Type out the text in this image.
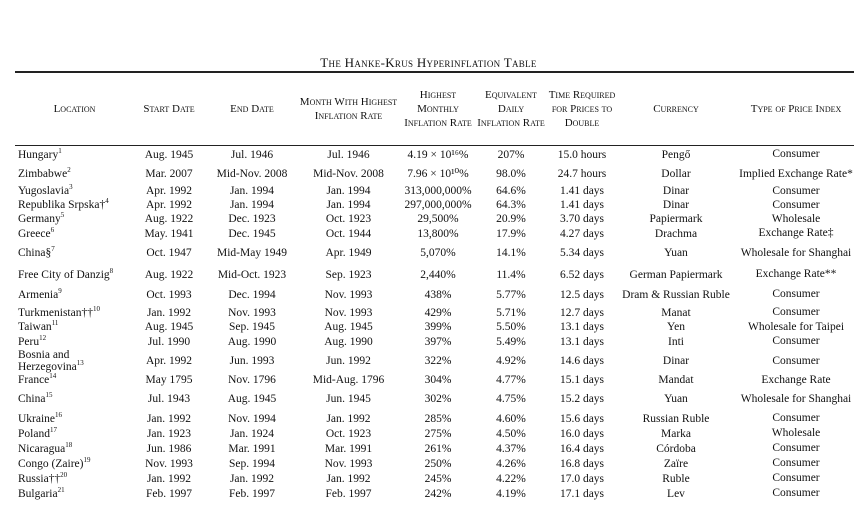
The Hanke-Krus Hyperinflation Table
Location	Start Date	End Date	Month With Highest Inflation Rate	Highest Monthly Inflation Rate	Equivalent Daily Inflation Rate	Time Required for Prices to Double	Currency	Type of Price Index
Hungary$^1$	Aug. 1945	Jul. 1946	Jul. 1946	4.19 × 10¹⁶%	207%	15.0 hours	Pengő	Consumer
Zimbabwe$^2$	Mar. 2007	Mid-Nov. 2008	Mid-Nov. 2008	7.96 × 10¹⁰%	98.0%	24.7 hours	Dollar	Implied Exchange Rate*
Yugoslavia$^3$	Apr. 1992	Jan. 1994	Jan. 1994	313,000,000%	64.6%	1.41 days	Dinar	Consumer
Republika Srpska†$^4$	Apr. 1992	Jan. 1994	Jan. 1994	297,000,000%	64.3%	1.41 days	Dinar	Consumer
Germany$^5$	Aug. 1922	Dec. 1923	Oct. 1923	29,500%	20.9%	3.70 days	Papiermark	Wholesale
Greece$^6$	May. 1941	Dec. 1945	Oct. 1944	13,800%	17.9%	4.27 days	Drachma	Exchange Rate‡
China§$^7$	Oct. 1947	Mid-May 1949	Apr. 1949	5,070%	14.1%	5.34 days	Yuan	Wholesale for Shanghai
Free City of Danzig$^8$	Aug. 1922	Mid-Oct. 1923	Sep. 1923	2,440%	11.4%	6.52 days	German Papiermark	Exchange Rate**
Armenia$^9$	Oct. 1993	Dec. 1994	Nov. 1993	438%	5.77%	12.5 days	Dram & Russian Ruble	Consumer
Turkmenistan††$^{10}$	Jan. 1992	Nov. 1993	Nov. 1993	429%	5.71%	12.7 days	Manat	Consumer
Taiwan$^{11}$	Aug. 1945	Sep. 1945	Aug. 1945	399%	5.50%	13.1 days	Yen	Wholesale for Taipei
Peru$^{12}$	Jul. 1990	Aug. 1990	Aug. 1990	397%	5.49%	13.1 days	Inti	Consumer
Bosnia and Herzegovina$^{13}$	Apr. 1992	Jun. 1993	Jun. 1992	322%	4.92%	14.6 days	Dinar	Consumer
France$^{14}$	May 1795	Nov. 1796	Mid-Aug. 1796	304%	4.77%	15.1 days	Mandat	Exchange Rate
China$^{15}$	Jul. 1943	Aug. 1945	Jun. 1945	302%	4.75%	15.2 days	Yuan	Wholesale for Shanghai
Ukraine$^{16}$	Jan. 1992	Nov. 1994	Jan. 1992	285%	4.60%	15.6 days	Russian Ruble	Consumer
Poland$^{17}$	Jan. 1923	Jan. 1924	Oct. 1923	275%	4.50%	16.0 days	Marka	Wholesale
Nicaragua$^{18}$	Jun. 1986	Mar. 1991	Mar. 1991	261%	4.37%	16.4 days	Córdoba	Consumer
Congo (Zaire)$^{19}$	Nov. 1993	Sep. 1994	Nov. 1993	250%	4.26%	16.8 days	Zaïre	Consumer
Russia††$^{20}$	Jan. 1992	Jan. 1992	Jan. 1992	245%	4.22%	17.0 days	Ruble	Consumer
Bulgaria$^{21}$	Feb. 1997	Feb. 1997	Feb. 1997	242%	4.19%	17.1 days	Lev	Consumer
